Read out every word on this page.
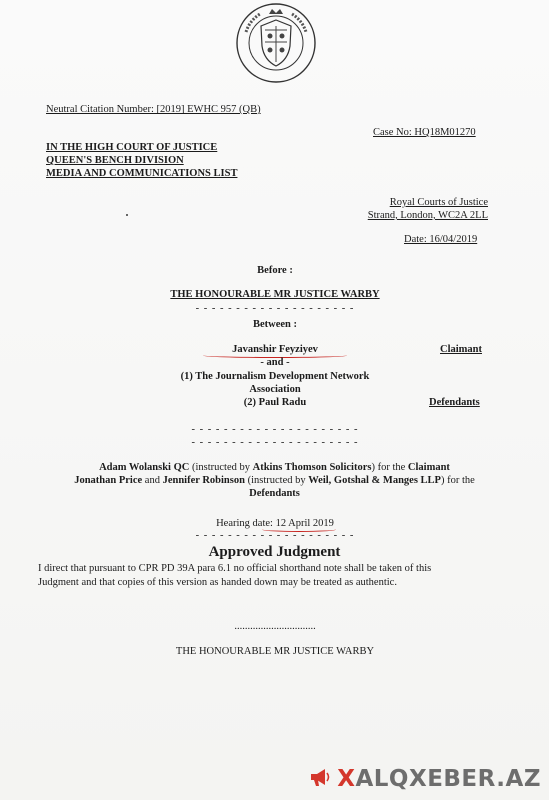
Neutral Citation Number: [2019] EWHC 957 (QB)
Case No: HQ18M01270
IN THE HIGH COURT OF JUSTICE
QUEEN'S BENCH DIVISION
MEDIA AND COMMUNICATIONS LIST
Royal Courts of Justice
Strand, London, WC2A 2LL
Date: 16/04/2019
Before :
THE HONOURABLE MR JUSTICE WARBY
- - - - - - - - - - - - - - - - - - - -
Between :
Javanshir Feyziyev	Claimant
- and -
(1) The Journalism Development Network
Association
(2) Paul Radu	Defendants
- - - - - - - - - - - - - - - - - - - - -
- - - - - - - - - - - - - - - - - - - - -
Adam Wolanski QC (instructed by Atkins Thomson Solicitors) for the Claimant
Jonathan Price and Jennifer Robinson (instructed by Weil, Gotshal & Manges LLP) for the
Defendants
Hearing date: 12 April 2019
- - - - - - - - - - - - - - - - - - - -
Approved Judgment
I direct that pursuant to CPR PD 39A para 6.1 no official shorthand note shall be taken of this
Judgment and that copies of this version as handed down may be treated as authentic.
...............................
THE HONOURABLE MR JUSTICE WARBY
XALQXEBER.AZ
